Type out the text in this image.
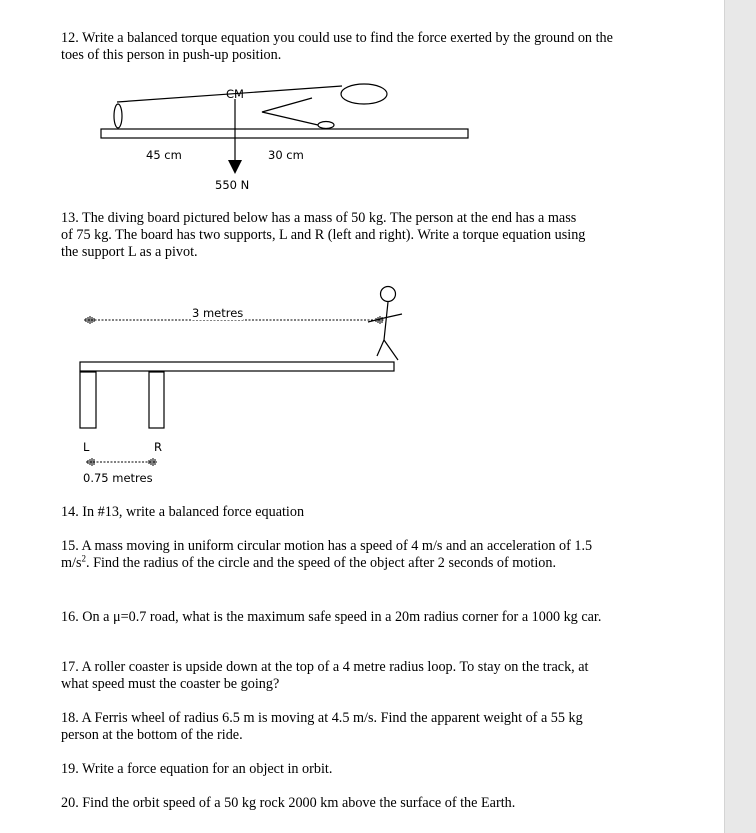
12. Write a balanced torque equation you could use to find the force exerted by the ground on the toes of this person in push-up position.

CM
45 cm	30 cm
550 N

13. The diving board pictured below has a mass of 50 kg. The person at the end has a mass of 75 kg. The board has two supports, L and R (left and right). Write a torque equation using the support L as a pivot.

3 metres
L	R
0.75 metres

14. In #13, write a balanced force equation

15. A mass moving in uniform circular motion has a speed of 4 m/s and an acceleration of 1.5 $m/s^2$. Find the radius of the circle and the speed of the object after 2 seconds of motion.

16. On a μ=0.7 road, what is the maximum safe speed in a 20m radius corner for a 1000 kg car.

17. A roller coaster is upside down at the top of a 4 metre radius loop. To stay on the track, at what speed must the coaster be going?

18. A Ferris wheel of radius 6.5 m is moving at 4.5 m/s. Find the apparent weight of a 55 kg person at the bottom of the ride.

19. Write a force equation for an object in orbit.

20. Find the orbit speed of a 50 kg rock 2000 km above the surface of the Earth.
